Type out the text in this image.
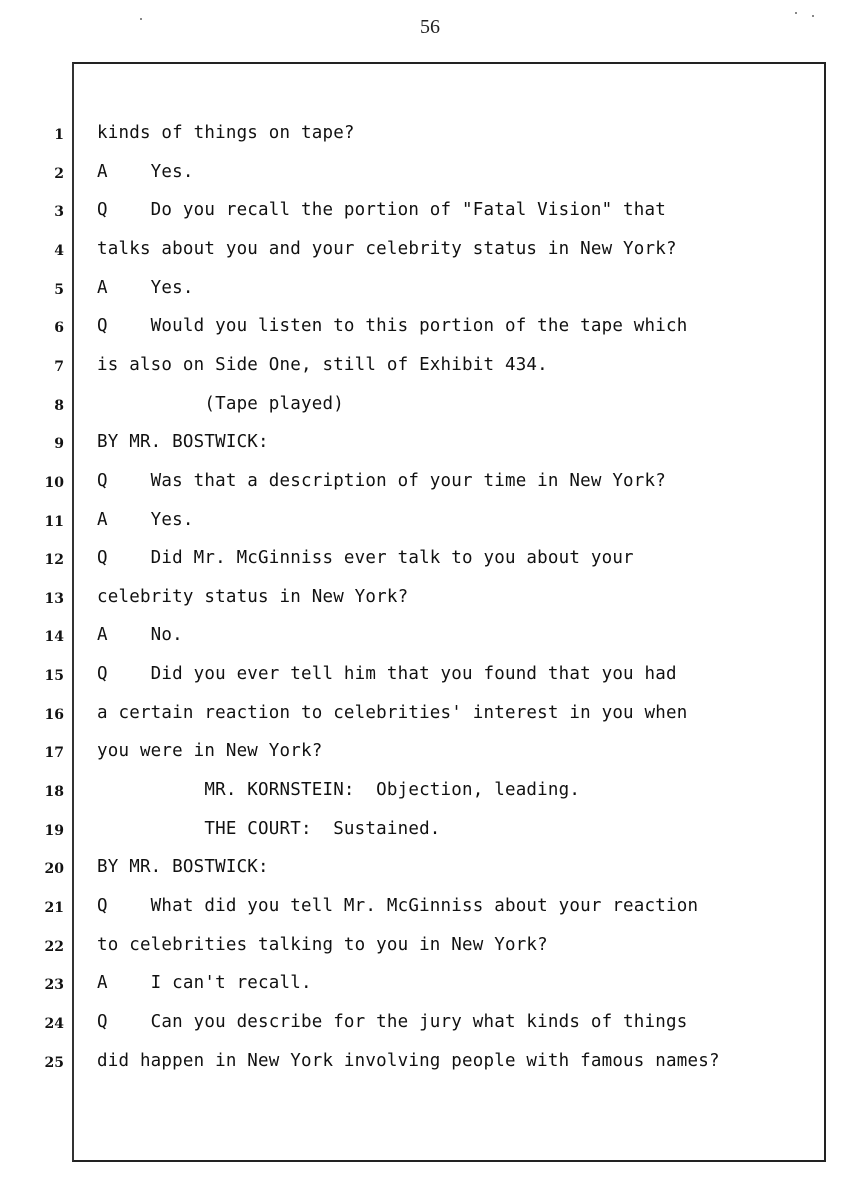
56
1 kinds of things on tape?
2 A    Yes.
3 Q    Do you recall the portion of "Fatal Vision" that
4 talks about you and your celebrity status in New York?
5 A    Yes.
6 Q    Would you listen to this portion of the tape which
7 is also on Side One, still of Exhibit 434.
8 (Tape played)
9 BY MR. BOSTWICK:
10 Q    Was that a description of your time in New York?
11 A    Yes.
12 Q    Did Mr. McGinniss ever talk to you about your
13 celebrity status in New York?
14 A    No.
15 Q    Did you ever tell him that you found that you had
16 a certain reaction to celebrities' interest in you when
17 you were in New York?
18 MR. KORNSTEIN:  Objection, leading.
19 THE COURT:  Sustained.
20 BY MR. BOSTWICK:
21 Q    What did you tell Mr. McGinniss about your reaction
22 to celebrities talking to you in New York?
23 A    I can't recall.
24 Q    Can you describe for the jury what kinds of things
25 did happen in New York involving people with famous names?
